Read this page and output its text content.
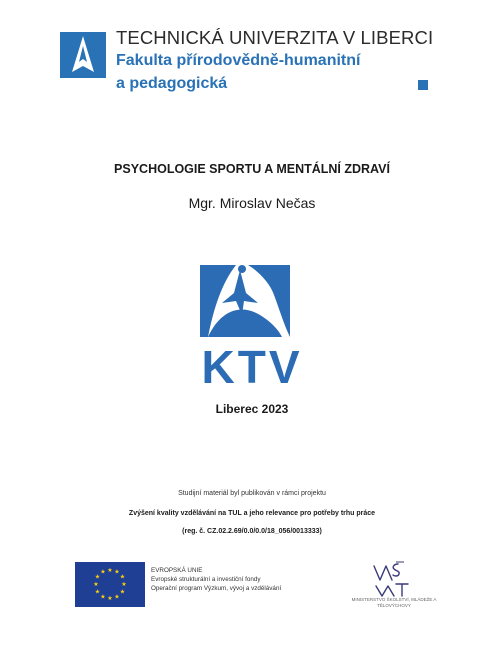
TECHNICKÁ UNIVERZITA V LIBERCI
Fakulta přírodovědně-humanitní
a pedagogická
PSYCHOLOGIE SPORTU A MENTÁLNÍ ZDRAVÍ
Mgr. Miroslav Nečas
KTV
Liberec 2023
Studijní materiál byl publikován v rámci projektu
Zvýšení kvality vzdělávání na TUL a jeho relevance pro potřeby trhu práce
(reg. č. CZ.02.2.69/0.0/0.0/18_056/0013333)
★ ★
★
★
★
★
★
★
★
★
★
★	EVROPSKÁ UNIE
Evropské strukturální a investiční fondy
Operační program Výzkum, vývoj a vzdělávání
MINISTERSTVO ŠKOLSTVÍ, MLÁDEŽE A TĚLOVÝCHOVY
